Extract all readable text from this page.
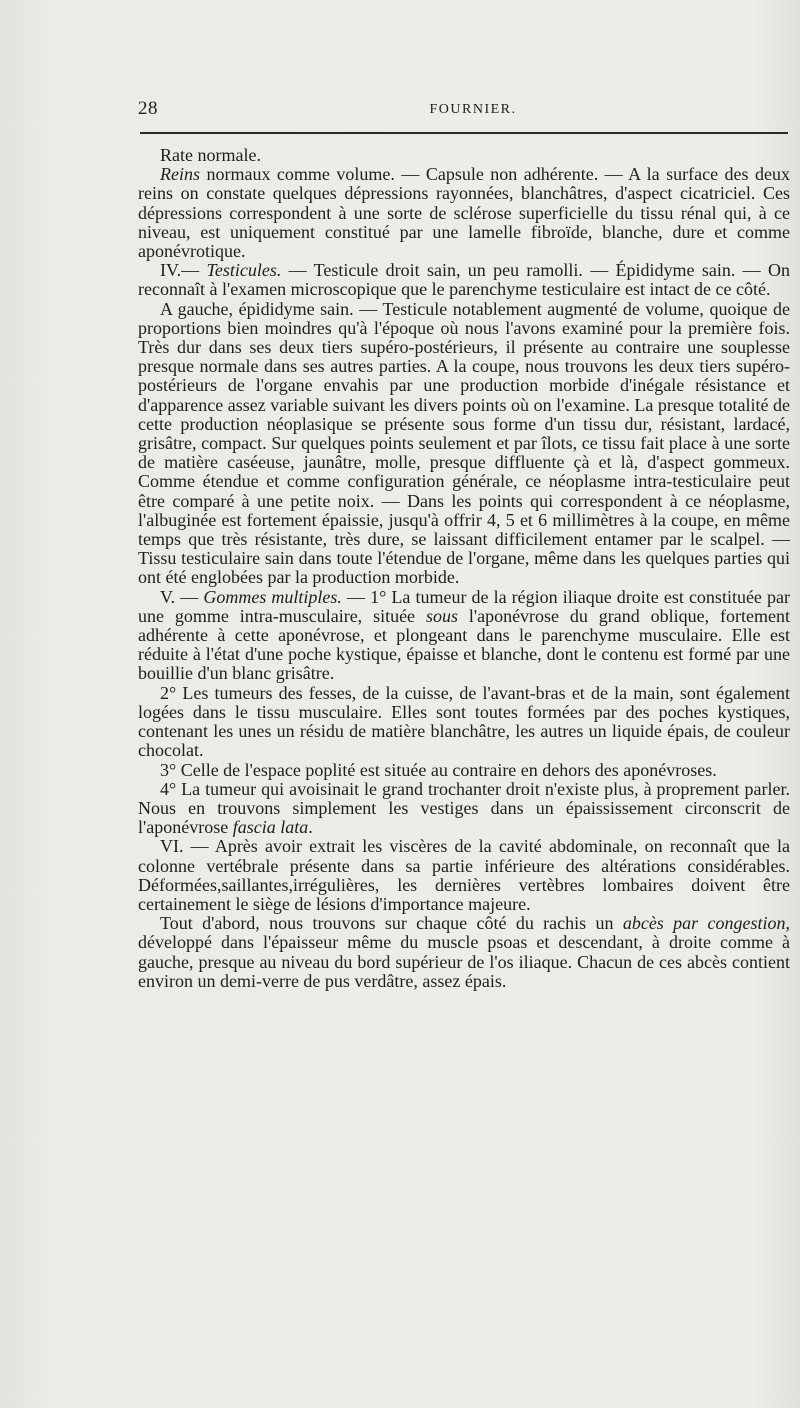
28	FOURNIER.

Rate normale.

Reins normaux comme volume. — Capsule non adhérente. — A la surface des deux reins on constate quelques dépressions rayonnées, blanchâtres, d'aspect cicatriciel. Ces dépressions correspondent à une sorte de sclérose superficielle du tissu rénal qui, à ce niveau, est uniquement constitué par une lamelle fibroïde, blanche, dure et comme aponévrotique.

IV.— Testicules. — Testicule droit sain, un peu ramolli. — Épididyme sain. — On reconnaît à l'examen microscopique que le parenchyme testiculaire est intact de ce côté.

A gauche, épididyme sain. — Testicule notablement augmenté de volume, quoique de proportions bien moindres qu'à l'époque où nous l'avons examiné pour la première fois. Très dur dans ses deux tiers supéro-postérieurs, il présente au contraire une souplesse presque normale dans ses autres parties. A la coupe, nous trouvons les deux tiers supéro-postérieurs de l'organe envahis par une production morbide d'inégale résistance et d'apparence assez variable suivant les divers points où on l'examine. La presque totalité de cette production néoplasique se présente sous forme d'un tissu dur, résistant, lardacé, grisâtre, compact. Sur quelques points seulement et par îlots, ce tissu fait place à une sorte de matière caséeuse, jaunâtre, molle, presque diffluente çà et là, d'aspect gommeux. Comme étendue et comme configuration générale, ce néoplasme intra-testiculaire peut être comparé à une petite noix. — Dans les points qui correspondent à ce néoplasme, l'albuginée est fortement épaissie, jusqu'à offrir 4, 5 et 6 millimètres à la coupe, en même temps que très résistante, très dure, se laissant difficilement entamer par le scalpel. — Tissu testiculaire sain dans toute l'étendue de l'organe, même dans les quelques parties qui ont été englobées par la production morbide.

V. — Gommes multiples. — 1° La tumeur de la région iliaque droite est constituée par une gomme intra-musculaire, située sous l'aponévrose du grand oblique, fortement adhérente à cette aponévrose, et plongeant dans le parenchyme musculaire. Elle est réduite à l'état d'une poche kystique, épaisse et blanche, dont le contenu est formé par une bouillie d'un blanc grisâtre.

2° Les tumeurs des fesses, de la cuisse, de l'avant-bras et de la main, sont également logées dans le tissu musculaire. Elles sont toutes formées par des poches kystiques, contenant les unes un résidu de matière blanchâtre, les autres un liquide épais, de couleur chocolat.

3° Celle de l'espace poplité est située au contraire en dehors des aponévroses.

4° La tumeur qui avoisinait le grand trochanter droit n'existe plus, à proprement parler. Nous en trouvons simplement les vestiges dans un épaississement circonscrit de l'aponévrose fascia lata.

VI. — Après avoir extrait les viscères de la cavité abdominale, on reconnaît que la colonne vertébrale présente dans sa partie inférieure des altérations considérables. Déformées,saillantes,irrégulières, les dernières vertèbres lombaires doivent être certainement le siège de lésions d'importance majeure.

Tout d'abord, nous trouvons sur chaque côté du rachis un abcès par congestion, développé dans l'épaisseur même du muscle psoas et descendant, à droite comme à gauche, presque au niveau du bord supérieur de l'os iliaque. Chacun de ces abcès contient environ un demi-verre de pus verdâtre, assez épais.
